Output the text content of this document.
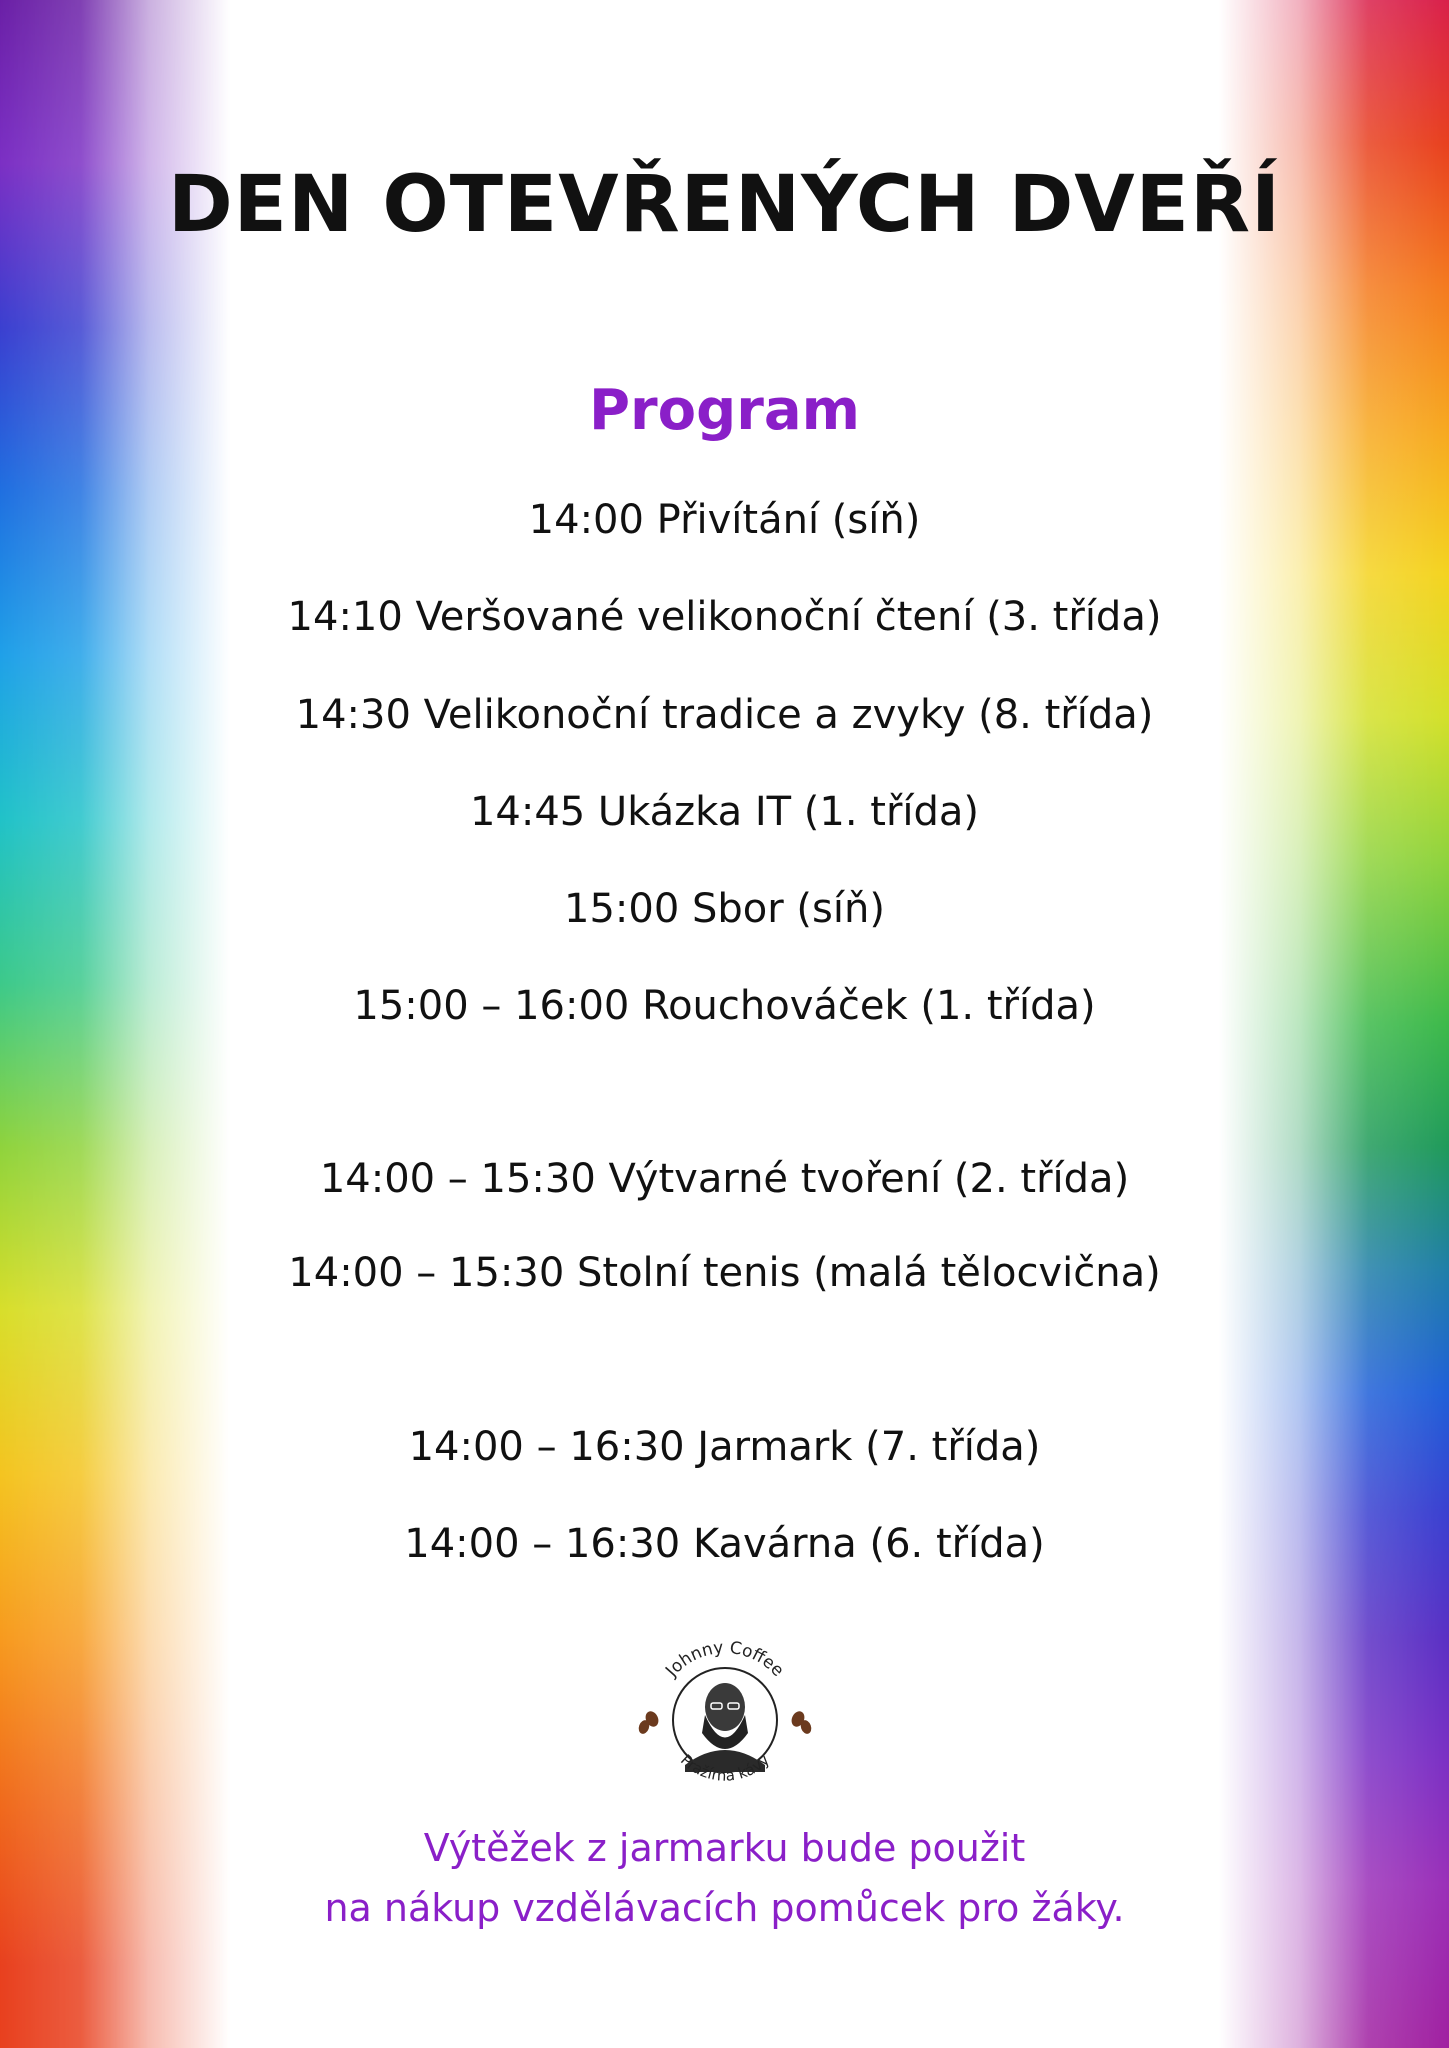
DEN OTEVŘENÝCH DVEŘÍ
Program
14:00 Přivítání (síň)
14:10 Veršované velikonoční čtení (3. třída)
14:30 Velikonoční tradice a zvyky (8. třída)
14:45 Ukázka IT (1. třída)
15:00 Sbor (síň)
15:00 – 16:00 Rouchováček (1. třída)
14:00 – 15:30 Výtvarné tvoření (2. třída)
14:00 – 15:30 Stolní tenis (malá tělocvična)
14:00 – 16:30 Jarmark (7. třída)
14:00 – 16:30 Kavárna (6. třída)
Johnny Coffee
Pražírna kávy
Výtěžek z jarmarku bude použit
na nákup vzdělávacích pomůcek pro žáky.
